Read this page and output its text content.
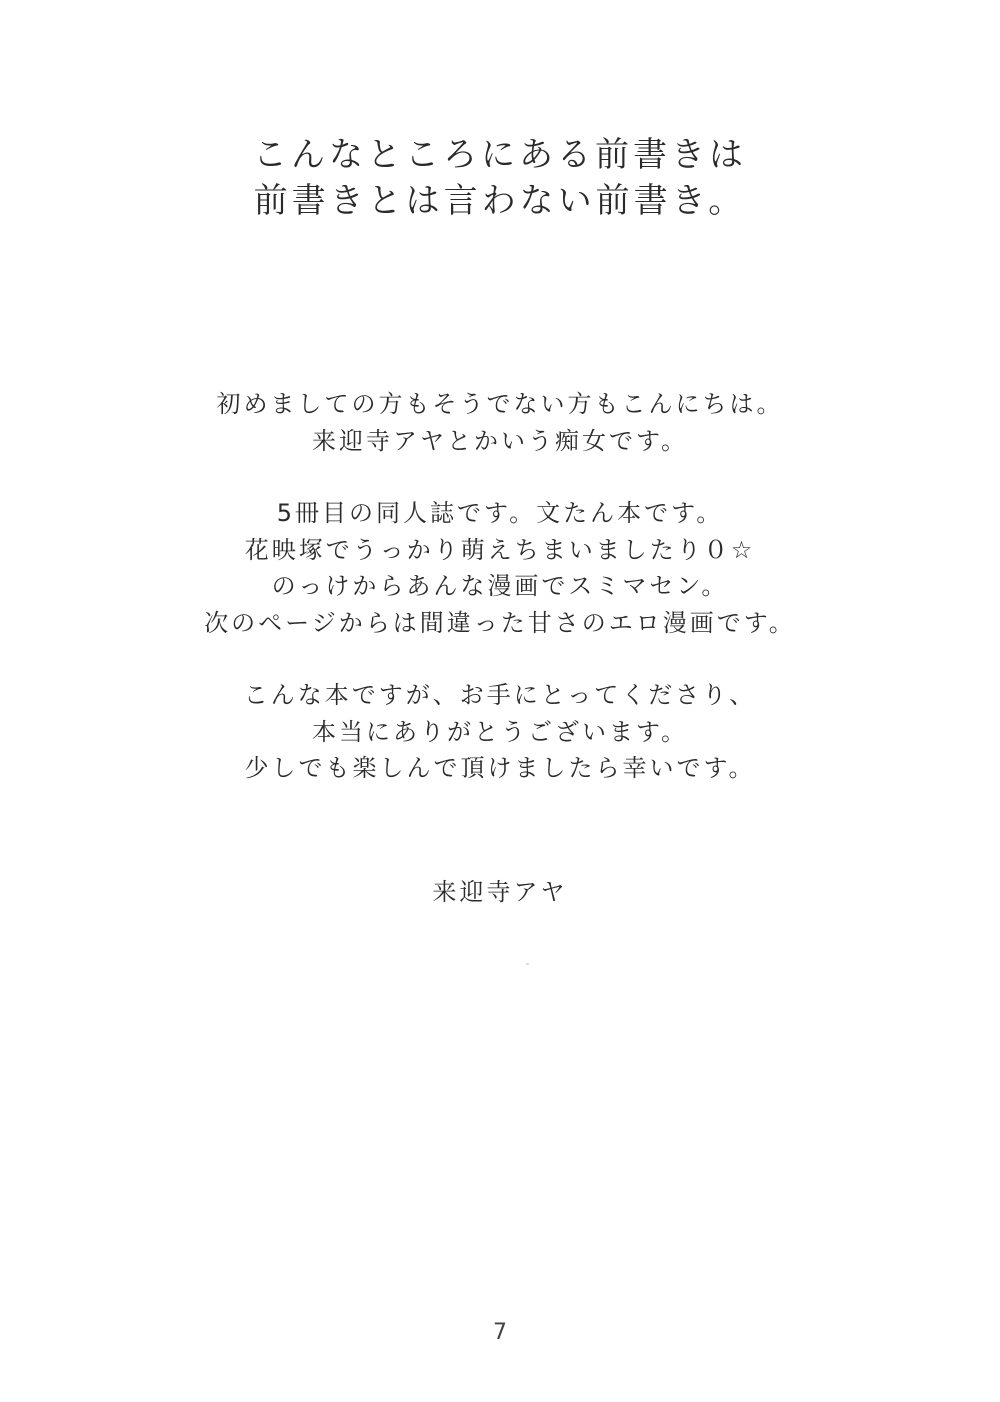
こんなところにある前書きは
前書きとは言わない前書き。
初めましての方もそうでない方もこんにちは。
来迎寺アヤとかいう痴女です。
5冊目の同人誌です。文たん本です。
花映塚でうっかり萌えちまいましたり０☆
のっけからあんな漫画でスミマセン。
次のページからは間違った甘さのエロ漫画です。
こんな本ですが、お手にとってくださり、
本当にありがとうございます。
少しでも楽しんで頂けましたら幸いです。
来迎寺アヤ
7
